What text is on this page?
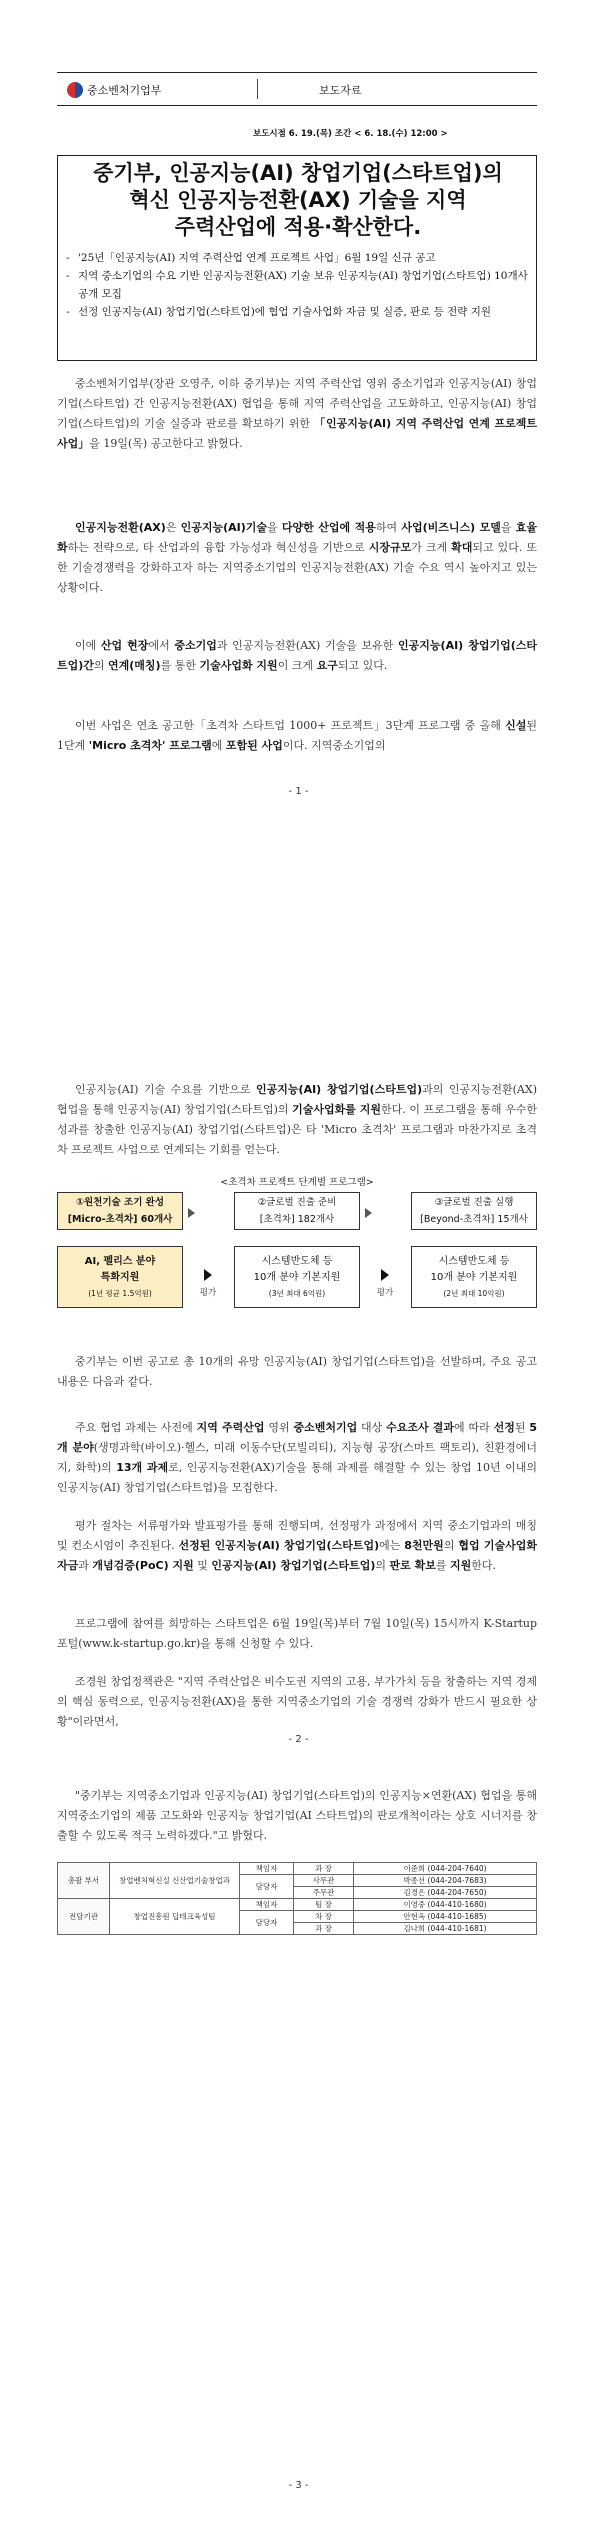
중소벤처기업부	보도자료
보도시점 6. 19.(목) 조간 < 6. 18.(수) 12:00 >
중기부, 인공지능(AI) 창업기업(스타트업)의
혁신 인공지능전환(AX) 기술을 지역
주력산업에 적용·확산한다.
- '25년「인공지능(AI) 지역 주력산업 연계 프로젝트 사업」6월 19일 신규 공고
- 지역 중소기업의 수요 기반 인공지능전환(AX) 기술 보유 인공지능(AI) 창업기업(스타트업) 10개사 공개 모집
- 선정 인공지능(AI) 창업기업(스타트업)에 협업 기술사업화 자금 및 실증, 판로 등 전략 지원

중소벤처기업부(장관 오영주, 이하 중기부)는 지역 주력산업 영위 중소기업과 인공지능(AI) 창업기업(스타트업) 간 인공지능전환(AX) 협업을 통해 지역 주력산업을 고도화하고, 인공지능(AI) 창업기업(스타트업)의 기술 실증과 판로를 확보하기 위한 「인공지능(AI) 지역 주력산업 연계 프로젝트 사업」을 19일(목) 공고한다고 밝혔다.

인공지능전환(AX)은 인공지능(AI)기술을 다양한 산업에 적용하여 사업(비즈니스) 모델을 효율화하는 전략으로, 타 산업과의 융합 가능성과 혁신성을 기반으로 시장규모가 크게 확대되고 있다. 또한 기술경쟁력을 강화하고자 하는 지역중소기업의 인공지능전환(AX) 기술 수요 역시 높아지고 있는 상황이다.

이에 산업 현장에서 중소기업과 인공지능전환(AX) 기술을 보유한 인공지능(AI) 창업기업(스타트업)간의 연계(매칭)를 통한 기술사업화 지원이 크게 요구되고 있다.

이번 사업은 연초 공고한「초격차 스타트업 1000+ 프로젝트」3단계 프로그램 중 올해 신설된 1단계 'Micro 초격차' 프로그램에 포함된 사업이다. 지역중소기업의

- 1 -

인공지능(AI) 기술 수요를 기반으로 인공지능(AI) 창업기업(스타트업)과의 인공지능전환(AX) 협업을 통해 인공지능(AI) 창업기업(스타트업)의 기술사업화를 지원한다. 이 프로그램을 통해 우수한 성과를 창출한 인공지능(AI) 창업기업(스타트업)은 타 'Micro 초격차' 프로그램과 마찬가지로 초격차 프로젝트 사업으로 연계되는 기회를 얻는다.

<초격차 프로젝트 단계별 프로그램>
①원천기술 조기 완성
[Micro-초격차] 60개사
②글로벌 진출 준비
[초격차] 182개사
③글로벌 진출 실행
[Beyond-초격차] 15개사
AI, 펠리스 분야
특화지원
(1년 평균 1.5억원)	평가
시스템반도체 등
10개 분야 기본지원
(3년 최대 6억원)	평가
시스템반도체 등
10개 분야 기본지원
(2년 최대 10억원)

중기부는 이번 공고로 총 10개의 유망 인공지능(AI) 창업기업(스타트업)을 선발하며, 주요 공고 내용은 다음과 같다.

주요 협업 과제는 사전에 지역 주력산업 영위 중소벤처기업 대상 수요조사 결과에 따라 선정된 5개 분야(생명과학(바이오)·헬스, 미래 이동수단(모빌리티), 지능형 공장(스마트 팩토리), 친환경에너지, 화학)의 13개 과제로, 인공지능전환(AX)기술을 통해 과제를 해결할 수 있는 창업 10년 이내의 인공지능(AI) 창업기업(스타트업)을 모집한다.

평가 절차는 서류평가와 발표평가를 통해 진행되며, 선정평가 과정에서 지역 중소기업과의 매칭 및 컨소시엄이 추진된다. 선정된 인공지능(AI) 창업기업(스타트업)에는 8천만원의 협업 기술사업화 자금과 개념검증(PoC) 지원 및 인공지능(AI) 창업기업(스타트업)의 판로 확보를 지원한다.

프로그램에 참여를 희망하는 스타트업은 6월 19일(목)부터 7월 10일(목) 15시까지 K-Startup 포털(www.k-startup.go.kr)을 통해 신청할 수 있다.

조경원 창업정책관은 "지역 주력산업은 비수도권 지역의 고용, 부가가치 등을 창출하는 지역 경제의 핵심 동력으로, 인공지능전환(AX)을 통한 지역중소기업의 기술 경쟁력 강화가 반드시 필요한 상황"이라면서,

- 2 -

"중기부는 지역중소기업과 인공지능(AI) 창업기업(스타트업)의 인공지능×연환(AX) 협업을 통해 지역중소기업의 제품 고도화와 인공지능 창업기업(AI 스타트업)의 판로개척이라는 상호 시너지를 창출할 수 있도록 적극 노력하겠다."고 밝혔다.

총괄 부서	창업벤처혁신실 신산업기술창업과	책임자	과 장	이준희 (044-204-7640)
		담당자	사무관	박종선 (044-204-7683)
			주무관	김경은 (044-204-7650)
전담기관	창업진흥원 딥테크육성팀	책임자	팀 장	이영중 (044-410-1680)
		담당자	차 장	안현옥 (044-410-1685)
			과 장	김나희 (044-410-1681)
- 3 -
